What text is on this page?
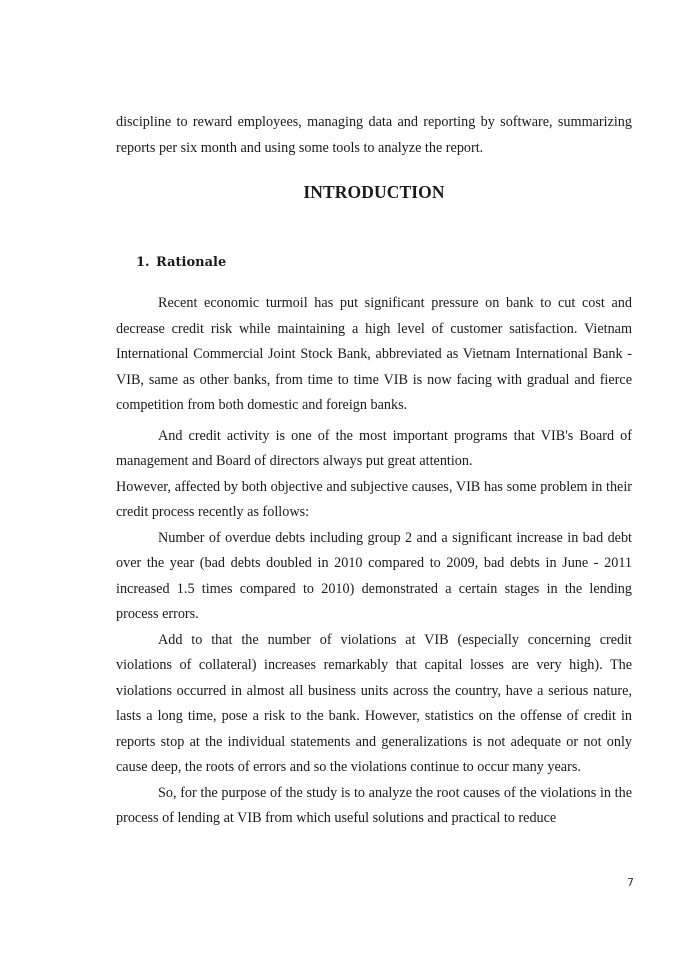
discipline to reward employees, managing data and reporting by software, summarizing reports per six month and using some tools to analyze the report.

INTRODUCTION
1. Rationale

Recent economic turmoil has put significant pressure on bank to cut cost and decrease credit risk while maintaining a high level of customer satisfaction. Vietnam International Commercial Joint Stock Bank, abbreviated as Vietnam International Bank - VIB, same as other banks, from time to time VIB is now facing with gradual and fierce competition from both domestic and foreign banks.

And credit activity is one of the most important programs that VIB's Board of management and Board of directors always put great attention.

However, affected by both objective and subjective causes, VIB has some problem in their credit process recently as follows:

Number of overdue debts including group 2 and a significant increase in bad debt over the year (bad debts doubled in 2010 compared to 2009, bad debts in June - 2011 increased 1.5 times compared to 2010) demonstrated a certain stages in the lending process errors.

Add to that the number of violations at VIB (especially concerning credit violations of collateral) increases remarkably that capital losses are very high). The violations occurred in almost all business units across the country, have a serious nature, lasts a long time, pose a risk to the bank. However, statistics on the offense of credit in reports stop at the individual statements and generalizations is not adequate or not only cause deep, the roots of errors and so the violations continue to occur many years.

So, for the purpose of the study is to analyze the root causes of the violations in the process of lending at VIB from which useful solutions and practical to reduce

7
